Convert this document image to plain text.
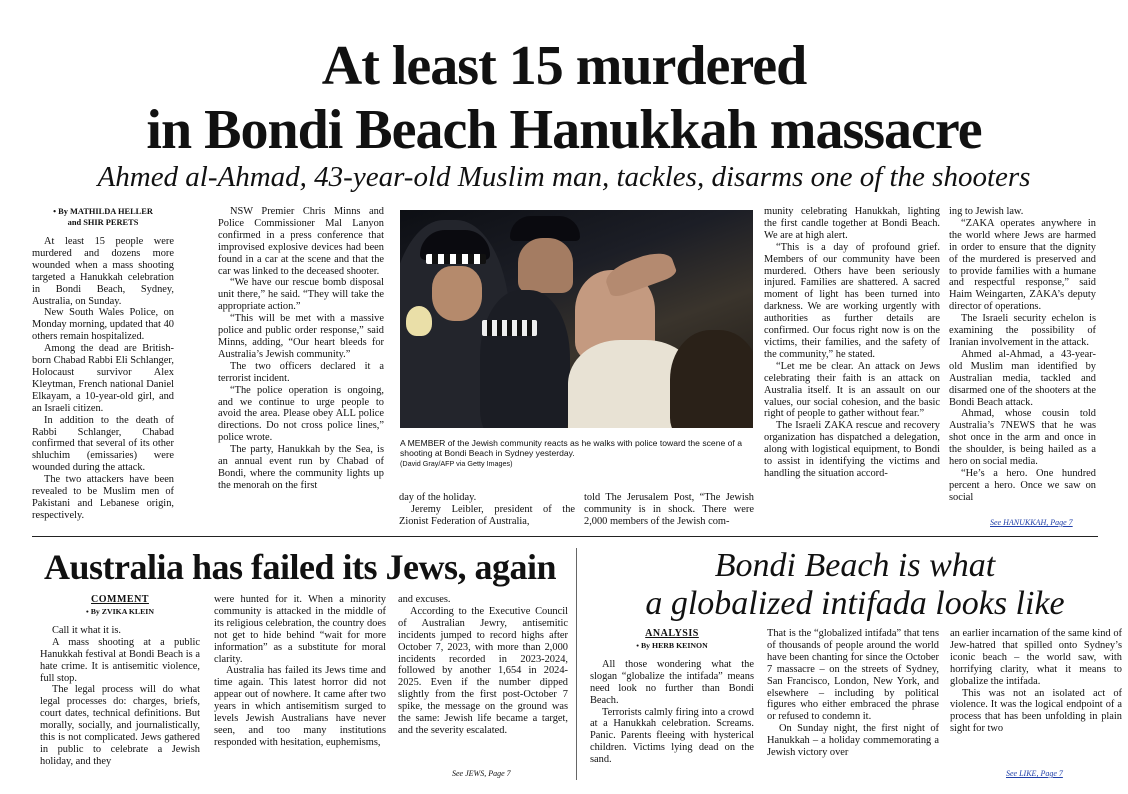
At least 15 murdered
in Bondi Beach Hanukkah massacre
Ahmed al-Ahmad, 43-year-old Muslim man, tackles, disarms one of the shooters
• By MATHILDA HELLER
and SHIR PERETS

At least 15 people were murdered and dozens more wounded when a mass shooting targeted a Hanukkah celebration in Bondi Beach, Sydney, Australia, on Sunday.

New South Wales Police, on Monday morning, updated that 40 others remain hospitalized.

Among the dead are British-born Chabad Rabbi Eli Schlanger, Holocaust survivor Alex Kleytman, French national Daniel Elkayam, a 10-year-old girl, and an Israeli citizen.

In addition to the death of Rabbi Schlanger, Chabad confirmed that several of its other shluchim (emissaries) were wounded during the attack.

The two attackers have been revealed to be Muslim men of Pakistani and Lebanese origin, respectively.

NSW Premier Chris Minns and Police Commissioner Mal Lanyon confirmed in a press conference that improvised explosive devices had been found in a car at the scene and that the car was linked to the deceased shooter.

“We have our rescue bomb disposal unit there,” he said. “They will take the appropriate action.”

“This will be met with a massive police and public order response,” said Minns, adding, “Our heart bleeds for Australia’s Jewish community.”

The two officers declared it a terrorist incident.

“The police operation is ongoing, and we continue to urge people to avoid the area. Please obey ALL police directions. Do not cross police lines,” police wrote.

The party, Hanukkah by the Sea, is an annual event run by Chabad of Bondi, where the community lights up the menorah on the first

A MEMBER of the Jewish community reacts as he walks with police toward the scene of a shooting at Bondi Beach in Sydney yesterday.
(David Gray/AFP via Getty Images)

day of the holiday.

Jeremy Leibler, president of the Zionist Federation of Australia,

told The Jerusalem Post, “The Jewish community is in shock. There were 2,000 members of the Jewish com-

munity celebrating Hanukkah, lighting the first candle together at Bondi Beach. We are at high alert.

“This is a day of profound grief. Members of our community have been murdered. Others have been seriously injured. Families are shattered. A sacred moment of light has been turned into darkness. We are working urgently with authorities as further details are confirmed. Our focus right now is on the victims, their families, and the safety of the community,” he stated.

“Let me be clear. An attack on Jews celebrating their faith is an attack on Australia itself. It is an assault on our values, our social cohesion, and the basic right of people to gather without fear.”

The Israeli ZAKA rescue and recovery organization has dispatched a delegation, along with logistical equipment, to Bondi to assist in identifying the victims and handling the situation accord-

ing to Jewish law.

“ZAKA operates anywhere in the world where Jews are harmed in order to ensure that the dignity of the murdered is preserved and to provide families with a humane and respectful response,” said Haim Weingarten, ZAKA’s deputy director of operations.

The Israeli security echelon is examining the possibility of Iranian involvement in the attack.

Ahmed al-Ahmad, a 43-year-old Muslim man identified by Australian media, tackled and disarmed one of the shooters at the Bondi Beach attack.

Ahmad, whose cousin told Australia’s 7NEWS that he was shot once in the arm and once in the shoulder, is being hailed as a hero on social media.

“He’s a hero. One hundred percent a hero. Once we saw on social

See HANUKKAH, Page 7
Australia has failed its Jews, again
COMMENT
• By ZVIKA KLEIN

Call it what it is.

A mass shooting at a public Hanukkah festival at Bondi Beach is a hate crime. It is antisemitic violence, full stop.

The legal process will do what legal processes do: charges, briefs, court dates, technical definitions. But morally, socially, and journalistically, this is not complicated. Jews gathered in public to celebrate a Jewish holiday, and they

were hunted for it. When a minority community is attacked in the middle of its religious celebration, the country does not get to hide behind “wait for more information” as a substitute for moral clarity.

Australia has failed its Jews time and time again. This latest horror did not appear out of nowhere. It came after two years in which antisemitism surged to levels Jewish Australians have never seen, and too many institutions responded with hesitation, euphemisms,

and excuses.

According to the Executive Council of Australian Jewry, antisemitic incidents jumped to record highs after October 7, 2023, with more than 2,000 incidents recorded in 2023-2024, followed by another 1,654 in 2024-2025. Even if the number dipped slightly from the first post-October 7 spike, the message on the ground was the same: Jewish life became a target, and the severity escalated.

See JEWS, Page 7
Bondi Beach is what
a globalized intifada looks like
ANALYSIS
• By HERB KEINON

All those wondering what the slogan “globalize the intifada” means need look no further than Bondi Beach.

Terrorists calmly firing into a crowd at a Hanukkah celebration. Screams. Panic. Parents fleeing with hysterical children. Victims lying dead on the sand.

That is the “globalized intifada” that tens of thousands of people around the world have been chanting for since the October 7 massacre – on the streets of Sydney, San Francisco, London, New York, and elsewhere – including by political figures who either embraced the phrase or refused to condemn it.

On Sunday night, the first night of Hanukkah – a holiday commemorating a Jewish victory over

an earlier incarnation of the same kind of Jew-hatred that spilled onto Sydney’s iconic beach – the world saw, with horrifying clarity, what it means to globalize the intifada.

This was not an isolated act of violence. It was the logical endpoint of a process that has been unfolding in plain sight for two

See LIKE, Page 7
